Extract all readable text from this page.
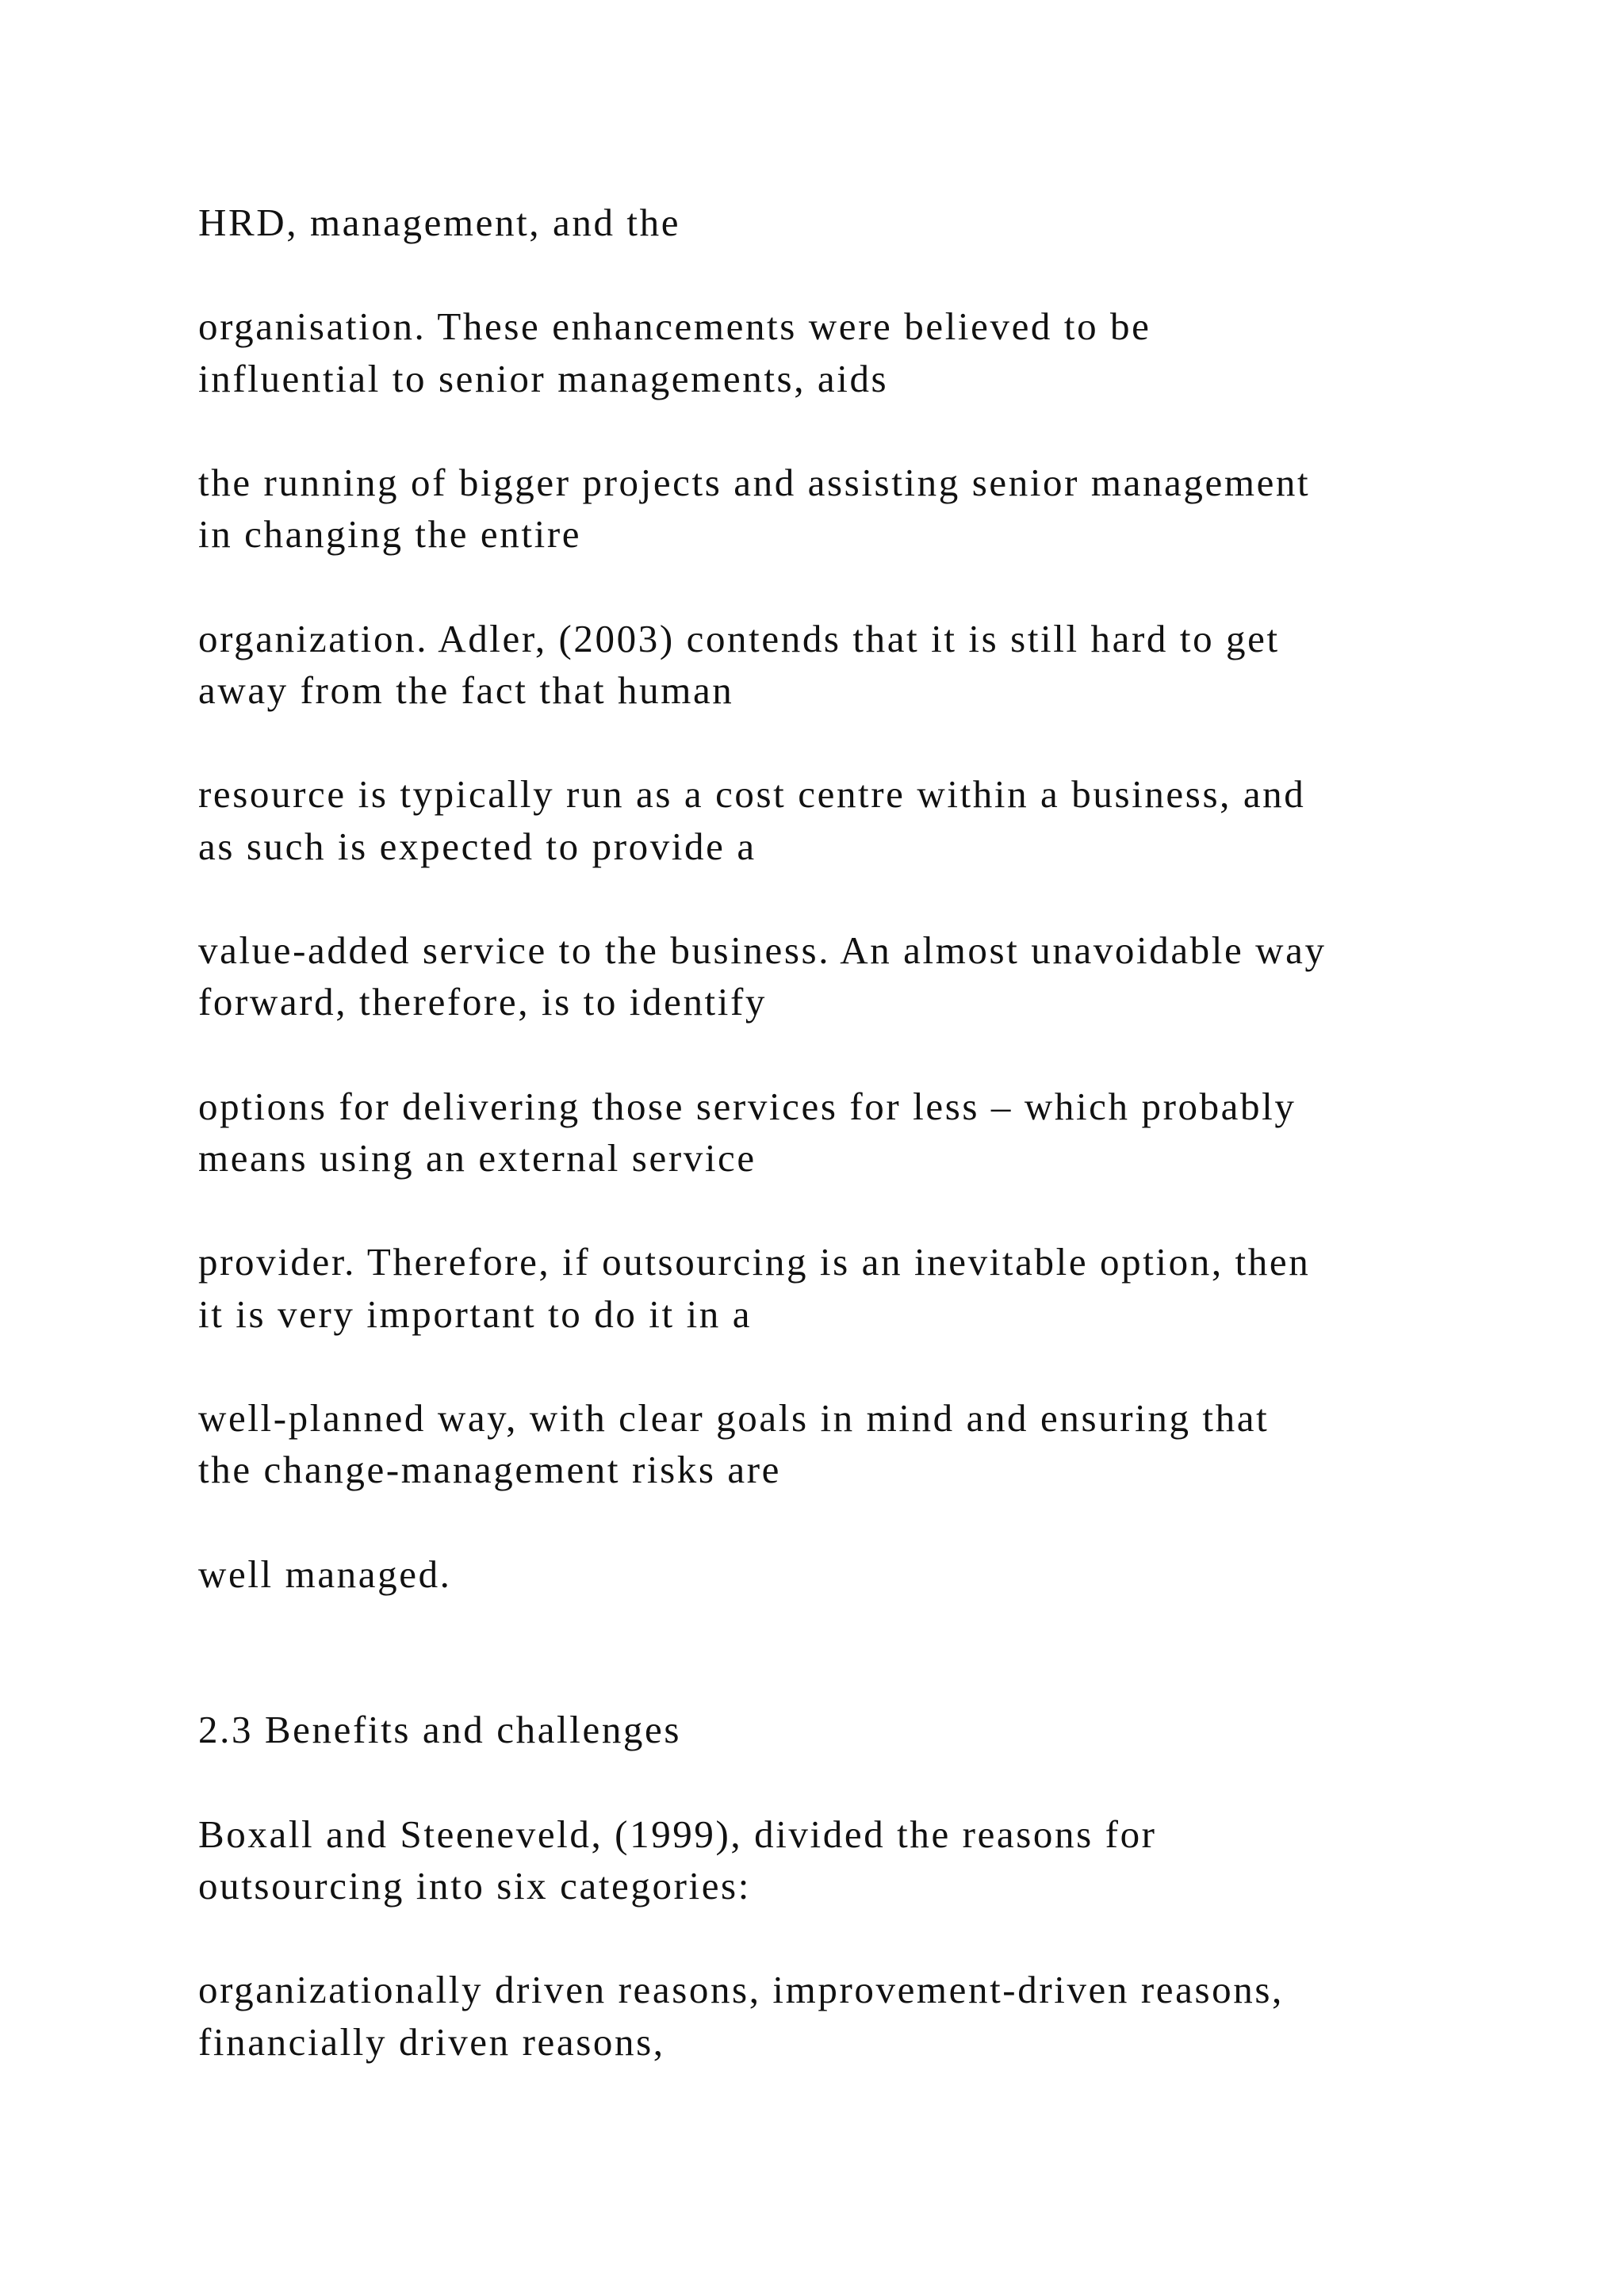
HRD, management, and the

organisation. These enhancements were believed to be

influential to senior managements, aids

the running of bigger projects and assisting senior management

in changing the entire

organization. Adler, (2003) contends that it is still hard to get

away from the fact that human

resource is typically run as a cost centre within a business, and

as such is expected to provide a

value-added service to the business. An almost unavoidable way

forward, therefore, is to identify

options for delivering those services for less – which probably

means using an external service

provider. Therefore, if outsourcing is an inevitable option, then

it is very important to do it in a

well-planned way, with clear goals in mind and ensuring that

the change-management risks are

well managed.

2.3 Benefits and challenges

Boxall and Steeneveld, (1999), divided the reasons for

outsourcing into six categories:

organizationally driven reasons, improvement-driven reasons,

financially driven reasons,
